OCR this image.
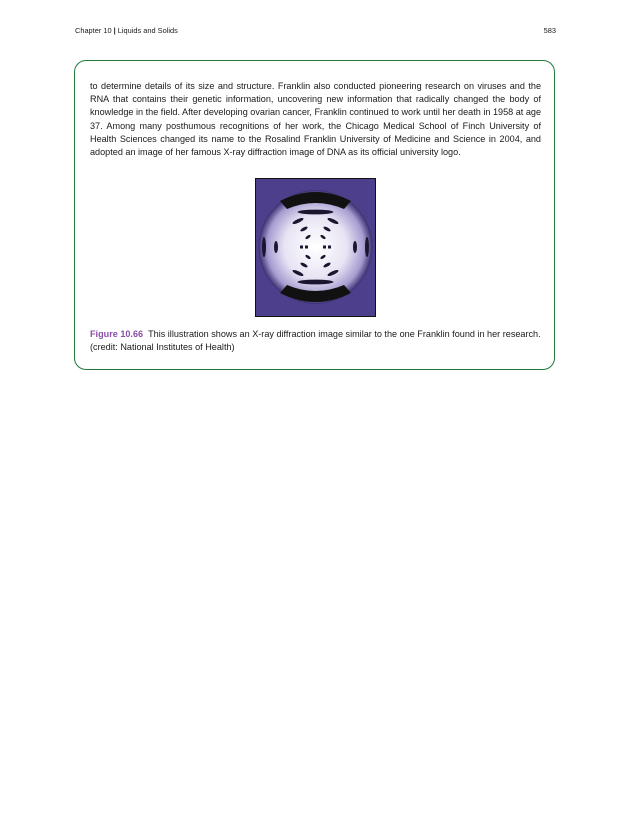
Chapter 10 | Liquids and Solids	583

to determine details of its size and structure. Franklin also conducted pioneering research on viruses and the RNA that contains their genetic information, uncovering new information that radically changed the body of knowledge in the field. After developing ovarian cancer, Franklin continued to work until her death in 1958 at age 37. Among many posthumous recognitions of her work, the Chicago Medical School of Finch University of Health Sciences changed its name to the Rosalind Franklin University of Medicine and Science in 2004, and adopted an image of her famous X-ray diffraction image of DNA as its official university logo.

Figure 10.66 This illustration shows an X-ray diffraction image similar to the one Franklin found in her research. (credit: National Institutes of Health)
